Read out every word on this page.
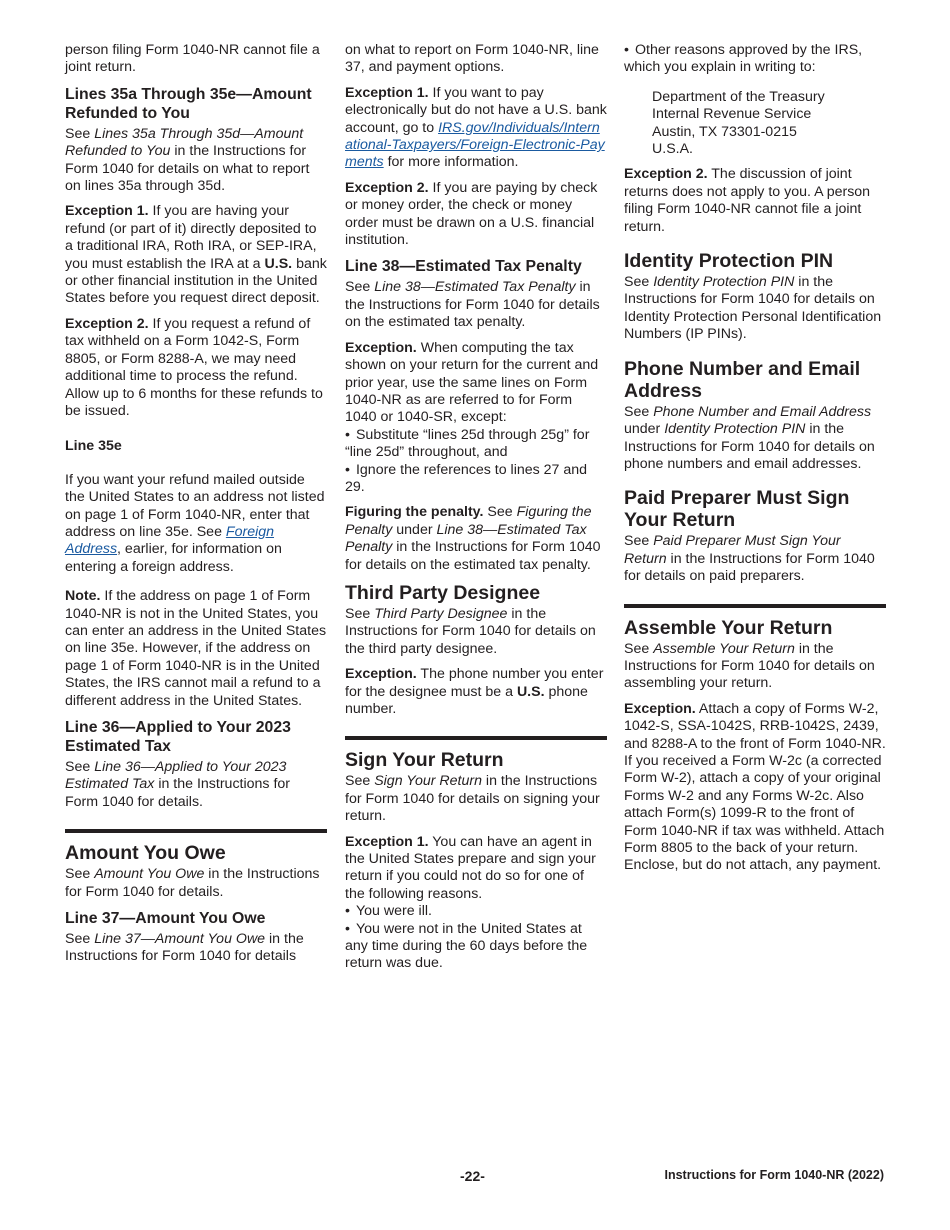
person filing Form 1040-NR cannot file a joint return.

Lines 35a Through 35e—Amount Refunded to You

See Lines 35a Through 35d—Amount Refunded to You in the Instructions for Form 1040 for details on what to report on lines 35a through 35d.

Exception 1. If you are having your refund (or part of it) directly deposited to a traditional IRA, Roth IRA, or SEP-IRA, you must establish the IRA at a U.S. bank or other financial institution in the United States before you request direct deposit.

Exception 2. If you request a refund of tax withheld on a Form 1042-S, Form 8805, or Form 8288-A, we may need additional time to process the refund. Allow up to 6 months for these refunds to be issued.

Line 35e

If you want your refund mailed outside the United States to an address not listed on page 1 of Form 1040-NR, enter that address on line 35e. See Foreign Address, earlier, for information on entering a foreign address.

Note. If the address on page 1 of Form 1040-NR is not in the United States, you can enter an address in the United States on line 35e. However, if the address on page 1 of Form 1040-NR is in the United States, the IRS cannot mail a refund to a different address in the United States.

Line 36—Applied to Your 2023 Estimated Tax

See Line 36—Applied to Your 2023 Estimated Tax in the Instructions for Form 1040 for details.

Amount You Owe

See Amount You Owe in the Instructions for Form 1040 for details.

Line 37—Amount You Owe

See Line 37—Amount You Owe in the Instructions for Form 1040 for details

on what to report on Form 1040-NR, line 37, and payment options.

Exception 1. If you want to pay electronically but do not have a U.S. bank account, go to IRS.gov/Individuals/International-Taxpayers/Foreign-Electronic-Payments for more information.

Exception 2. If you are paying by check or money order, the check or money order must be drawn on a U.S. financial institution.

Line 38—Estimated Tax Penalty

See Line 38—Estimated Tax Penalty in the Instructions for Form 1040 for details on the estimated tax penalty.

Exception. When computing the tax shown on your return for the current and prior year, use the same lines on Form 1040-NR as are referred to for Form 1040 or 1040-SR, except:

• Substitute “lines 25d through 25g” for “line 25d” throughout, and

• Ignore the references to lines 27 and 29.

Figuring the penalty. See Figuring the Penalty under Line 38—Estimated Tax Penalty in the Instructions for Form 1040 for details on the estimated tax penalty.

Third Party Designee

See Third Party Designee in the Instructions for Form 1040 for details on the third party designee.

Exception. The phone number you enter for the designee must be a U.S. phone number.

Sign Your Return

See Sign Your Return in the Instructions for Form 1040 for details on signing your return.

Exception 1. You can have an agent in the United States prepare and sign your return if you could not do so for one of the following reasons.

• You were ill.

• You were not in the United States at any time during the 60 days before the return was due.

• Other reasons approved by the IRS, which you explain in writing to:

Department of the Treasury
Internal Revenue Service
Austin, TX 73301-0215
U.S.A.

Exception 2. The discussion of joint returns does not apply to you. A person filing Form 1040-NR cannot file a joint return.

Identity Protection PIN

See Identity Protection PIN in the Instructions for Form 1040 for details on Identity Protection Personal Identification Numbers (IP PINs).

Phone Number and Email Address

See Phone Number and Email Address under Identity Protection PIN in the Instructions for Form 1040 for details on phone numbers and email addresses.

Paid Preparer Must Sign Your Return

See Paid Preparer Must Sign Your Return in the Instructions for Form 1040 for details on paid preparers.

Assemble Your Return

See Assemble Your Return in the Instructions for Form 1040 for details on assembling your return.

Exception. Attach a copy of Forms W-2, 1042-S, SSA-1042S, RRB-1042S, 2439, and 8288-A to the front of Form 1040-NR. If you received a Form W-2c (a corrected Form W-2), attach a copy of your original Forms W-2 and any Forms W-2c. Also attach Form(s) 1099-R to the front of Form 1040-NR if tax was withheld. Attach Form 8805 to the back of your return. Enclose, but do not attach, any payment.

-22-	Instructions for Form 1040-NR (2022)
